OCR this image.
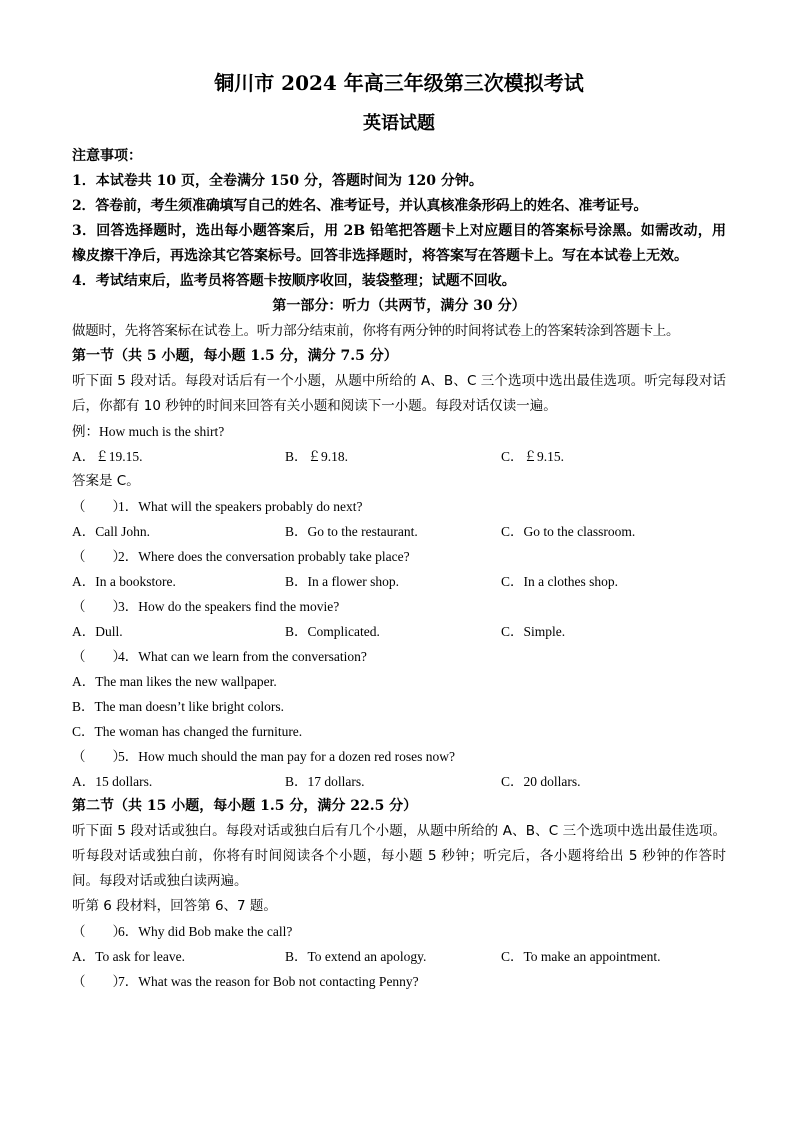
铜川市 2024 年高三年级第三次模拟考试
英语试题
注意事项：
1．本试卷共 10 页，全卷满分 150 分，答题时间为 120 分钟。
2．答卷前，考生须准确填写自己的姓名、准考证号，并认真核准条形码上的姓名、准考证号。
3．回答选择题时，选出每小题答案后，用 2B 铅笔把答题卡上对应题目的答案标号涂黑。如需改动，用橡皮擦干净后，再选涂其它答案标号。回答非选择题时，将答案写在答题卡上。写在本试卷上无效。
4．考试结束后，监考员将答题卡按顺序收回，装袋整理；试题不回收。
第一部分：听力（共两节，满分 30 分）
做题时，先将答案标在试卷上。听力部分结束前，你将有两分钟的时间将试卷上的答案转涂到答题卡上。
第一节（共 5 小题，每小题 1.5 分，满分 7.5 分）
听下面 5 段对话。每段对话后有一个小题，从题中所给的 A、B、C 三个选项中选出最佳选项。听完每段对话后，你都有 10 秒钟的时间来回答有关小题和阅读下一小题。每段对话仅读一遍。
例：How much is the shirt?
A．￡19.15.	B．￡9.18.	C．￡9.15.
答案是 C。
（　　）1．What will the speakers probably do next?
A．Call John.	B．Go to the restaurant.	C．Go to the classroom.
（　　）2．Where does the conversation probably take place?
A．In a bookstore.	B．In a flower shop.	C．In a clothes shop.
（　　）3．How do the speakers find the movie?
A．Dull.	B．Complicated.	C．Simple.
（　　）4．What can we learn from the conversation?
A．The man likes the new wallpaper.
B．The man doesn’t like bright colors.
C．The woman has changed the furniture.
（　　）5．How much should the man pay for a dozen red roses now?
A．15 dollars.	B．17 dollars.	C．20 dollars.
第二节（共 15 小题，每小题 1.5 分，满分 22.5 分）
听下面 5 段对话或独白。每段对话或独白后有几个小题，从题中所给的 A、B、C 三个选项中选出最佳选项。听每段对话或独白前，你将有时间阅读各个小题，每小题 5 秒钟；听完后，各小题将给出 5 秒钟的作答时间。每段对话或独白读两遍。
听第 6 段材料，回答第 6、7 题。
（　　）6．Why did Bob make the call?
A．To ask for leave.	B．To extend an apology.	C．To make an appointment.
（　　）7．What was the reason for Bob not contacting Penny?
